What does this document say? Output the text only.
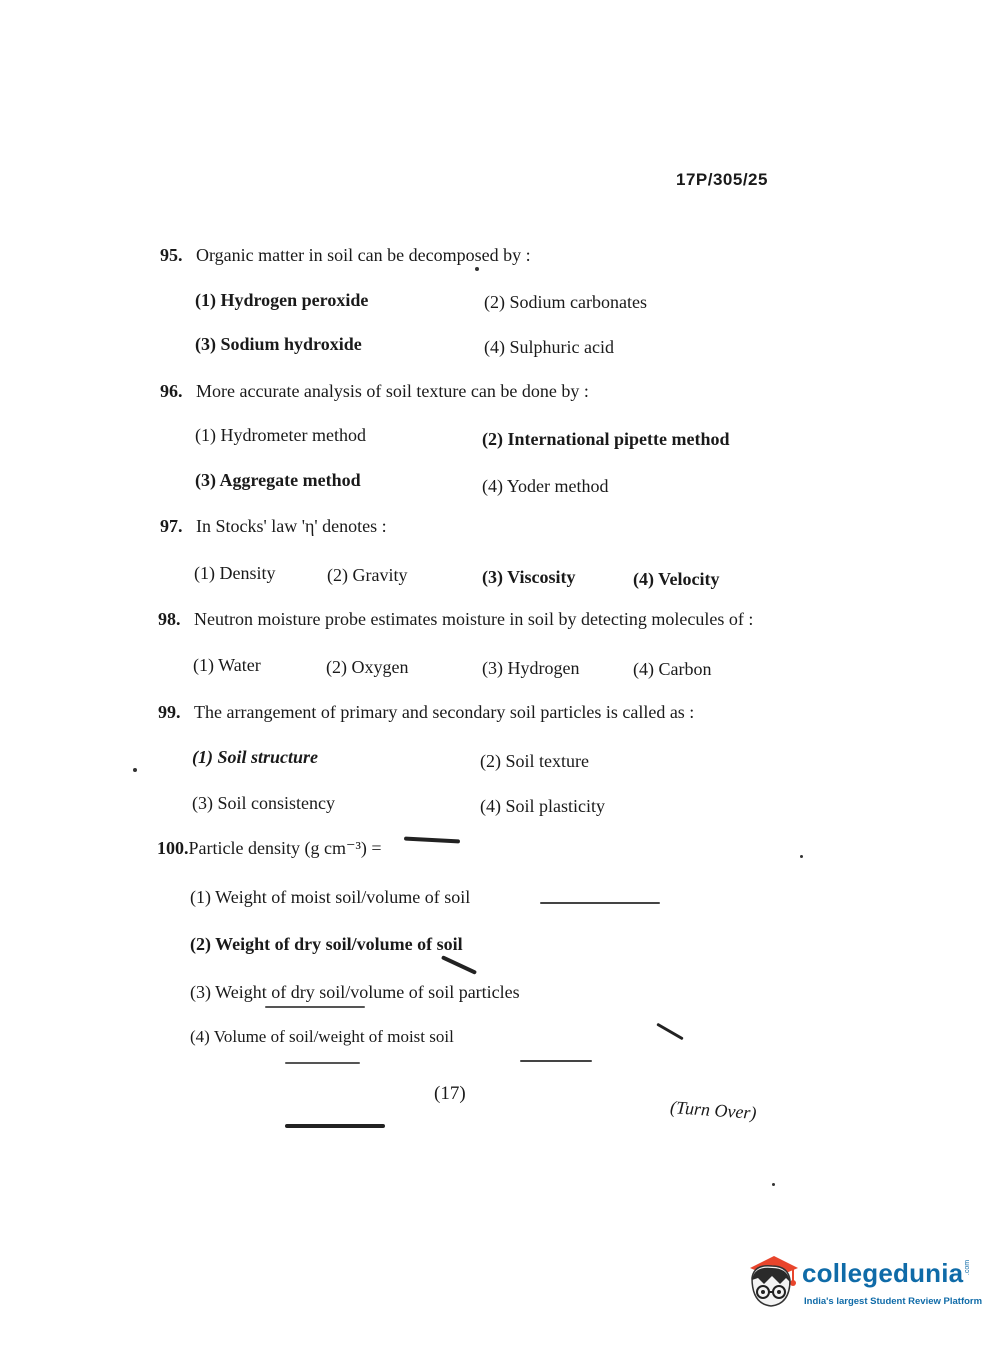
17P/305/25
95. Organic matter in soil can be decomposed by :
(1) Hydrogen peroxide	(2) Sodium carbonates
(3) Sodium hydroxide	(4) Sulphuric acid
96. More accurate analysis of soil texture can be done by :
(1) Hydrometer method	(2) International pipette method
(3) Aggregate method	(4) Yoder method
97. In Stocks' law 'η' denotes :
(1) Density	(2) Gravity	(3) Viscosity	(4) Velocity
98. Neutron moisture probe estimates moisture in soil by detecting molecules of :
(1) Water	(2) Oxygen	(3) Hydrogen	(4) Carbon
99. The arrangement of primary and secondary soil particles is called as :
(1) Soil structure	(2) Soil texture
(3) Soil consistency	(4) Soil plasticity
100.Particle density (g cm⁻³) =
(1) Weight of moist soil/volume of soil
(2) Weight of dry soil/volume of soil
(3) Weight of dry soil/volume of soil particles
(4) Volume of soil/weight of moist soil
(17)
(Turn Over)
collegedunia .com
India's largest Student Review Platform
